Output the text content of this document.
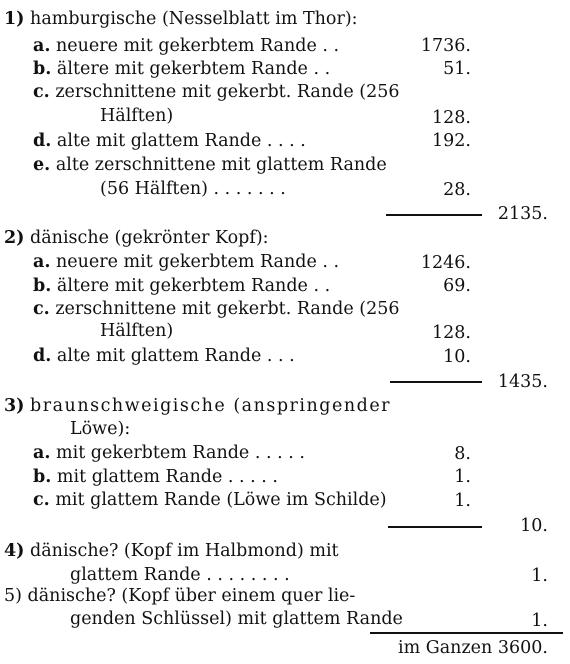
1) hamburgische (Nesselblatt im Thor):
a. neuere mit gekerbtem Rande . .	1736.
b. ältere mit gekerbtem Rande . .	51.
c. zerschnittene mit gekerbt. Rande (256
Hälften)	128.
d. alte mit glattem Rande . . . .	192.
e. alte zerschnittene mit glattem Rande
(56 Hälften) . . . . . . .	28.
2135.
2) dänische (gekrönter Kopf):
a. neuere mit gekerbtem Rande . .	1246.
b. ältere mit gekerbtem Rande . .	69.
c. zerschnittene mit gekerbt. Rande (256
Hälften)	128.
d. alte mit glattem Rande . . .	10.
1435.
3) braunschweigische (anspringender
Löwe):
a. mit gekerbtem Rande . . . . .	8.
b. mit glattem Rande . . . . .	1.
c. mit glattem Rande (Löwe im Schilde)	1.
10.
4) dänische? (Kopf im Halbmond) mit
glattem Rande . . . . . . . .	1.
5) dänische? (Kopf über einem quer lie-
genden Schlüssel) mit glattem Rande	1.
im Ganzen 3600.
